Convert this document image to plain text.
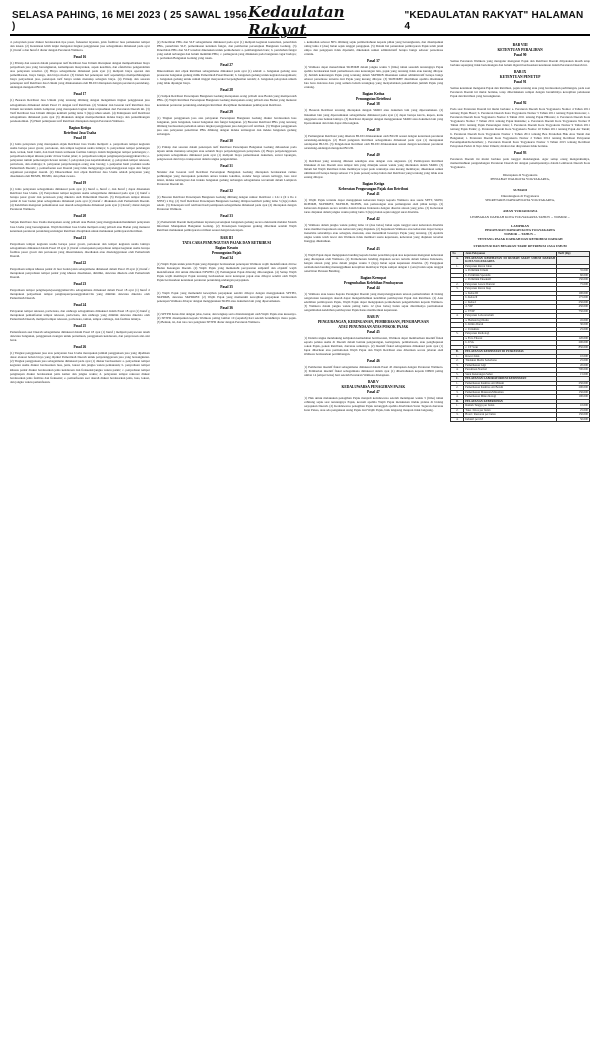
SELASA PAHING, 16 MEI 2023 ( 25 SAWAL 1956 )
Kedaulatan Rakyat
"KEDAULATAN RAKYAT" HALAMAN 4

d. pelayanan pasar diukur berdasarkan tipe pasar, frekuensi layanan, jenis fasilitas/ luas pemakaian tempat dan lokasi. (2) Ketentuan lebih lanjut mengenai tingkat penggunaan jasa sebagaimana dimaksud pada ayat (1) huruf a dan huruf d diatur dengan Peraturan Walikota.

Pasal 16

(1) Prinsip dan sasaran dalam penetapan tarif Retribusi Jasa Umum ditetapkan dengan memperhatikan biaya penyediaan jasa yang bersangkutan, kemampuan masyarakat, aspek keadilan, dan efektivitas pengendalian atas pelayanan tersebut. (2) Biaya sebagaimana dimaksud pada ayat (1) meliputi biaya operasi dan pemeliharaan, biaya bunga, dan biaya modal. (3) Dalam hal penetapan tarif sepenuhnya memperhitungkan biaya penyediaan jasa, penetapan tarif hanya untuk menutup sebagian biaya. (4) Prinsip dan sasaran penetapan tarif Retribusi Jasa Umum yang dilaksanakan oleh BLUD ditetapkan dengan peraturan perundang-undangan mengenai BLUD.

Pasal 17

(1) Besaran Retribusi Jasa Umum yang terutang dihitung dengan mengalikan tingkat penggunaan jasa sebagaimana dimaksud dalam Pasal 15 dengan tarif Retribusi. (2) Struktur dan besaran tarif Retribusi Jasa Umum tercantum dalam Lampiran yang merupakan bagian tidak terpisahkan dari Peraturan Daerah ini. (3) Tarif Retribusi Jasa Umum ditinjau kembali paling lama 3 (tiga) tahun sekali. (4) Peninjauan tarif Retribusi sebagaimana dimaksud pada ayat (3) dilakukan dengan memperhatikan indeks harga dan perkembangan perekonomian. (5) Hasil peninjauan tarif Retribusi ditetapkan dengan Peraturan Walikota.

Bagian Ketiga
Retribusi Jasa Usaha
Pasal 18

(1) Jenis pelayanan yang merupakan objek Retribusi Jasa Usaha meliputi: a. penyediaan tempat kegiatan usaha berupa pasar grosir, pertokoan, dan tempat kegiatan usaha lainnya; b. penyediaan tempat pelelangan ikan, ternak, hasil bumi, dan hasil hutan termasuk fasilitas lainnya dalam lingkungan tempat pelelangan; c. penyediaan tempat khusus parkir di luar badan jalan; d. penyediaan tempat penginapan/pesanggrahan/vila; e. pelayanan rumah pemotongan hewan ternak; f. pelayanan jasa kepelabuhanan; g. pelayanan tempat rekreasi, pariwisata, dan olahraga; h. pelayanan penyeberangan orang atau barang; i. penjualan hasil produksi usaha Pemerintah Daerah; j. pemanfaatan aset Daerah yang tidak mengganggu penyelenggaraan tugas dan fungsi organisasi perangkat daerah. (2) Dikecualikan dari objek Retribusi Jasa Usaha adalah pelayanan yang disediakan oleh BUMN, BUMD, dan pihak swasta.

Pasal 19

(1) Jenis pelayanan sebagaimana dimaksud pada ayat (1) huruf a, huruf c, dan huruf j dapat dikenakan Retribusi Jasa Usaha. (2) Penyediaan tempat kegiatan usaha sebagaimana dimaksud pada ayat (1) huruf a berupa pasar grosir dan pertokoan yang dikelola oleh Pemerintah Daerah. (3) Penyediaan tempat khusus parkir di luar badan jalan sebagaimana dimaksud pada ayat (1) huruf c dilakukan oleh Pemerintah Daerah. (4) Kelebihan mengenai pemanfaatan aset daerah sebagaimana dimaksud pada ayat (1) huruf j diatur dengan Peraturan Walikota.

Pasal 20

Subjek Retribusi Jasa Usaha merupakan orang pribadi atau Badan yang menggunakan/menikmati pelayanan Jasa Usaha yang bersangkutan. Wajib Retribusi Jasa Usaha meliputi orang pribadi atau Badan yang menurut ketentuan peraturan perundang-undangan Retribusi diwajibkan untuk melakukan pembayaran Retribusi.

Pasal 21

Penyediaan tempat kegiatan usaha berupa pasar grosir, pertokoan dan tempat kegiatan usaha lainnya sebagaimana dimaksud dalam Pasal 18 ayat (1) huruf a merupakan penyediaan tempat kegiatan usaha berupa fasilitas pasar grosir dan pertokoan yang dikontrakkan, disediakan atau diselenggarakan oleh Pemerintah Daerah.

Pasal 22

Penyediaan tempat khusus parkir di luar badan jalan sebagaimana dimaksud dalam Pasal 18 ayat (1) huruf c merupakan penyediaan tempat parkir yang khusus disediakan, dimiliki, dan/atau dikelola oleh Pemerintah Daerah.

Pasal 23

Penyediaan tempat penginapan/pesanggrahan/vila sebagaimana dimaksud dalam Pasal 18 ayat (1) huruf d merupakan penyediaan tempat penginapan/pesanggrahan/vila yang dimiliki dan/atau dikelola oleh Pemerintah Daerah.

Pasal 24

Pelayanan tempat rekreasi, pariwisata, dan olahraga sebagaimana dimaksud dalam Pasal 18 ayat (1) huruf g merupakan pemanfaatan tempat rekreasi, pariwisata, dan olahraga yang dimiliki dan/atau dikelola oleh Pemerintah Daerah, meliputi tempat rekreasi, pariwisata, taman, tempat olahraga, dan fasilitas lainnya.

Pasal 25

Pemanfaatan aset Daerah sebagaimana dimaksud dalam Pasal 18 ayat (1) huruf j meliputi penyewaan tanah dan/atau bangunan, penggunaan ruangan untuk pertemuan, penggunaan kendaraan, dan penyewaan alat-alat berat.

Pasal 26

(1) Tingkat penggunaan jasa atas pelayanan Jasa Usaha merupakan jumlah penggunaan jasa yang dijadikan dasar alokasi beban biaya yang dipikul Pemerintah Daerah untuk penyelenggaraan jasa yang bersangkutan. (2) Tingkat penggunaan jasa sebagaimana dimaksud pada ayat (1) diukur berdasarkan: a. penyediaan tempat kegiatan usaha diukur berdasarkan luas, jenis, lokasi dan jangka waktu pemakaian; b. penyediaan tempat khusus parkir diukur berdasarkan jenis kendaraan dan frekuensi/jangka waktu parkir; c. penyediaan tempat penginapan diukur berdasarkan jenis kamar dan jangka waktu; d. pelayanan tempat rekreasi diukur berdasarkan jenis fasilitas dan frekuensi; e. pemanfaatan aset daerah diukur berdasarkan jenis, luas, lokasi, dan jangka waktu pemanfaatan.

(2) Penerbitan PBG dan SLF sebagaimana dimaksud pada ayat (1) meliputi kegiatan konsultasi, penerbitan PBG, penerbitan SLF, pemeriksaan kelaikan fungsi, dan pemberian persetujuan Bangunan Gedung. (3) Penerbitan PBG dan SLF tersebut dikenakan untuk permohonan: a. pembangunan baru; b. perubahan fungsi yang sudah terbangun dan belum memiliki PBG; c. pemugaran yang dilakukan pada bangunan cagar budaya; d. perbaikan Bangunan Gedung yang rusak.

Pasal 27

Dikecualikan dari objek Retribusi sebagaimana dimaksud pada ayat (1) adalah: a. bangunan gedung atau prasarana bangunan gedung milik Pemerintah Pusat/Daerah; b. bangunan gedung untuk kegiatan keagamaan; c. bangunan gedung untuk rumah tinggal masyarakat berpenghasilan rendah; d. bangunan pelayanan umum yang tidak dipungut biaya.

Pasal 28

(1) Subjek Retribusi Persetujuan Bangunan Gedung merupakan orang pribadi atau Badan yang memperoleh PBG. (2) Wajib Retribusi Persetujuan Bangunan Gedung merupakan orang pribadi atau Badan yang menurut ketentuan peraturan perundang-undangan Retribusi diwajibkan melakukan pembayaran Retribusi.

Pasal 29

(1) Tingkat penggunaan jasa atas pelayanan Persetujuan Bangunan Gedung diukur berdasarkan luas bangunan, jenis bangunan, lokasi bangunan dan fungsi bangunan. (2) Besaran Retribusi PBG yang terutang dihitung berdasarkan perkalian antara tingkat penggunaan jasa dengan tarif retribusi. (3) Tingkat penggunaan jasa atas pelayanan penerbitan PBG dihitung dengan indeks terintegrasi dan indeks bangunan gedung terbangun.

Pasal 30

(1) Prinsip dan sasaran dalam penetapan tarif Retribusi Persetujuan Bangunan Gedung didasarkan pada tujuan untuk menutup sebagian atau seluruh biaya penyelenggaraan pelayanan. (2) Biaya penyelenggaraan pelayanan sebagaimana dimaksud pada ayat (1) meliputi biaya pemeriksaan dokumen, survei lapangan, pengawasan dan biaya transportasi dalam rangka pengendalian.

Pasal 31

Struktur dan besaran tarif Retribusi Persetujuan Bangunan Gedung ditetapkan berdasarkan rumus perhitungan yang merupakan perkalian antara indeks lokalitas, standar harga satuan tertinggi, luas total lantai, indeks terintegrasi dan indeks bangunan gedung terbangun sebagaimana tercantum dalam Lampiran Peraturan Daerah ini.

Pasal 32

(1) Besaran Retribusi Persetujuan Bangunan Gedung dihitung dengan rumus: Retribusi = LLt x (It x Ilo x SHST) x Ibg. (2) Tarif Retribusi Persetujuan Bangunan Gedung ditinjau kembali paling lama 3 (tiga) tahun sekali. (3) Penetapan tarif retribusi hasil peninjauan sebagaimana dimaksud pada ayat (2) ditetapkan dengan Peraturan Walikota.

Pasal 33

(1) Pemerintah Daerah menyediakan layanan persetujuan bangunan gedung secara elektronik melalui Sistem Informasi Manajemen Bangunan Gedung. (2) Persetujuan bangunan gedung diberikan setelah Wajib Retribusi melakukan pembayaran retribusi sesuai dengan ketetapan.

BAB III
TATA CARA PEMUNGUTAN PAJAK DAN RETRIBUSI
Bagian Kesatu
Pemungutan Pajak
Pasal 34

(1) Wajib Pajak untuk jenis Pajak yang dipungut berdasarkan penetapan Walikota wajib mendaftarkan diri ke Badan Keuangan Daerah. (2) Wajib Pajak yang memenuhi persyaratan subjektif dan objektif wajib mendaftarkan diri untuk diberikan NPWPD. (3) Pemungutan Pajak dilarang diborongkan. (4) Setiap Wajib Pajak wajib membayar Pajak terutang berdasarkan surat ketetapan pajak atau dibayar sendiri oleh Wajib Pajak berdasarkan ketentuan peraturan perundang-undangan perpajakan.

Pasal 35

(1) Wajib Pajak yang memenuhi kewajiban perpajakan sendiri dibayar dengan menggunakan SPTPD, SKPDKB, dan/atau SKPDKBT. (2) Wajib Pajak yang memenuhi kewajiban perpajakan berdasarkan penetapan Walikota dibayar dengan menggunakan SKPD atau dokumen lain yang dipersamakan.

Pasal 36

(1) SPTPD harus diisi dengan jelas, benar, dan lengkap serta ditandatangani oleh Wajib Pajak atau kuasanya. (2) SPTPD disampaikan kepada Walikota paling lambat 10 (sepuluh) hari setelah berakhirnya masa pajak. (3) Bentuk, isi, dan tata cara pengisian SPTPD diatur dengan Peraturan Walikota.

e. kemudian sebesar 80% dihitung sejak pemberitahuan kepada pihak yang bersangkutan, dan disampaikan paling lama 2 (dua) bulan sejak tanggal pengajuan. (5) Dalam hal penundaan pembayaran Pajak telah jatuh tempo dan pengajuan tidak dipenuhi, dikenakan sanksi administratif berupa bunga sebesar persentase tertentu.

Pasal 37

(1) Walikota dapat menerbitkan SKPDKB dalam jangka waktu 5 (lima) tahun sesudah terutangnya Pajak apabila berdasarkan hasil pemeriksaan atau keterangan lain, pajak yang terutang tidak atau kurang dibayar. (2) Jumlah kekurangan Pajak yang terutang dalam SKPDKB dikenakan sanksi administratif berupa bunga sebesar persentase tertentu dari Pajak yang kurang dibayar. (3) SKPDKBT diterbitkan apabila ditemukan data baru dan/atau data yang semula belum terungkap yang menyebabkan penambahan jumlah Pajak yang terutang.

Bagian Kedua
Pemungutan Retribusi
Pasal 38

(1) Besaran Retribusi terutang ditetapkan dengan SKRD atau dokumen lain yang dipersamakan. (2) Dokumen lain yang dipersamakan sebagaimana dimaksud pada ayat (1) dapat berupa karcis, kupon, kartu langganan atau bentuk lainnya. (3) Retribusi dipungut dengan menggunakan SKRD atau dokumen lain yang dipersamakan dan tidak dapat diborongkan.

Pasal 39

(1) Pemungutan Retribusi yang dikelola BLUD dilaksanakan oleh BLUD sesuai dengan ketentuan peraturan perundang-undangan. (2) Hasil pungutan Retribusi sebagaimana dimaksud pada ayat (1) merupakan pendapatan BLUD. (3) Pengelolaan Retribusi oleh BLUD dilaksanakan sesuai dengan ketentuan peraturan perundang-undangan mengenai BLUD.

Pasal 40

(1) Retribusi yang terutang dilunasi sekaligus atau dengan cara angsuran. (2) Pembayaran Retribusi dilakukan di kas Daerah atau tempat lain yang ditunjuk sesuai waktu yang ditentukan dalam SKRD. (3) Dalam hal Wajib Retribusi tidak membayar tepat pada waktunya atau kurang membayar, dikenakan sanksi administratif berupa bunga sebesar 1% (satu persen) setiap bulan dari Retribusi yang terutang yang tidak atau kurang dibayar.

Bagian Ketiga
Keberatan Pengurangan Pajak dan Retribusi
Pasal 41

(1) Wajib Pajak tertentu dapat mengajukan keberatan hanya kepada Walikota atas suatu SPPT, SKPD, SKPDKB, SKPDKBT, SKPDLB, SKPDN, dan pemotongan atau pemungutan oleh pihak ketiga. (2) Keberatan diajukan secara tertulis dalam bahasa Indonesia dengan disertai alasan yang jelas. (3) Keberatan harus diajukan dalam jangka waktu paling lama 3 (tiga) bulan sejak tanggal surat diterima.

Pasal 42

(1) Walikota dalam jangka waktu paling lama 12 (dua belas) bulan sejak tanggal surat keberatan diterima harus memberi keputusan atas keberatan yang diajukan. (2) Keputusan Walikota atas keberatan dapat berupa menerima seluruhnya atau sebagian, menolak, atau menambah besarnya Pajak yang terutang. (3) Apabila jangka waktu telah lewat dan Walikota tidak memberi suatu keputusan, keberatan yang diajukan tersebut dianggap dikabulkan.

Pasal 43

(1) Wajib Pajak dapat mengajukan banding kepada badan peradilan pajak atas keputusan mengenai keberatan yang ditetapkan oleh Walikota. (2) Permohonan banding diajukan secara tertulis dalam bahasa Indonesia, dengan alasan yang jelas dalam jangka waktu 3 (tiga) bulan sejak keputusan diterima. (3) Pengajuan permohonan banding menangguhkan kewajiban membayar Pajak sampai dengan 1 (satu) bulan sejak tanggal penerbitan Putusan Banding.

Bagian Keempat
Pengembalian Kelebihan Pembayaran
Pasal 44

(1) Walikota atau kuasa Kepala Perangkat Daerah yang menyelenggarakan urusan pemerintahan di bidang pengelolaan keuangan daerah dapat mengembalikan kelebihan pembayaran Pajak dan Retribusi. (2) Atas kelebihan pembayaran Pajak, Wajib Pajak dapat mengajukan permohonan pengembalian kepada Walikota. (3) Walikota dalam jangka waktu paling lama 12 (dua belas) bulan sejak diterimanya permohonan pengembalian kelebihan pembayaran Pajak harus memberikan keputusan.

BAB IV
PENGURANGAN, KERINGANAN, PEMBEBASAN, PENGHAPUSAN
ATAU PENUNDAAN ATAS POKOK PAJAK
Pasal 45

(1) Dalam rangka mendukung kebijakan kemudahan berinvestasi, Walikota dapat memberikan insentif fiskal kepada pelaku usaha di Daerah dalam bentuk pengurangan, keringanan, pembebasan, atau penghapusan pokok Pajak, pokok Retribusi, dan/atau sanksinya. (2) Insentif fiskal sebagaimana dimaksud pada ayat (1) dapat diberikan atas permohonan Wajib Pajak dan Wajib Retribusi atau diberikan secara jabatan oleh Walikota berdasarkan pertimbangan.

Pasal 46

(1) Pemberian insentif fiskal sebagaimana dimaksud dalam Pasal 45 ditetapkan dengan Peraturan Walikota. (2) Pemberian insentif fiskal sebagaimana dimaksud dalam ayat (1) diberitahukan kepada DPRD paling lambat 14 (empat belas) hari setelah Peraturan Walikota ditetapkan.

BAB V
KEDALUWARSA PENAGIHAN PAJAK
Pasal 47

(1) Hak untuk melakukan penagihan Pajak menjadi kedaluwarsa setelah melampaui waktu 5 (lima) tahun terhitung sejak saat terutangnya Pajak, kecuali apabila Wajib Pajak melakukan tindak pidana di bidang perpajakan Daerah. (2) Kedaluwarsa penagihan Pajak tertangguh apabila diterbitkan Surat Teguran dan/atau Surat Paksa, atau ada pengakuan utang Pajak dari Wajib Pajak, baik langsung maupun tidak langsung.

BAB VIII
KETENTUAN PERALIHAN
Pasal 90

Semua Peraturan Walikota yang mengatur mengenai Pajak dan Retribusi Daerah dinyatakan masih tetap berlaku sepanjang tidak bertentangan dan belum diganti berdasarkan ketentuan dalam Peraturan Daerah ini.

BAB IX
KETENTUAN PENUTUP
Pasal 91

Semua ketentuan mengenai Pajak dan Retribusi, pajak terutang atau yang berdasarkan perhitungan, pada saat Peraturan Daerah ini mulai berlaku, tetap diberlakukan sampai dengan berakhirnya kewajiban pelunasan Pajak dan Retribusi yang bersangkutan.

Pasal 92

Pada saat Peraturan Daerah ini mulai berlaku: a. Peraturan Daerah Kota Yogyakarta Nomor 4 Tahun 2011 tentang Pajak Hotel; b. Peraturan Daerah Kota Yogyakarta Nomor 5 Tahun 2011 tentang Pajak Restoran; c. Peraturan Daerah Kota Yogyakarta Nomor 6 Tahun 2011 tentang Pajak Hiburan; d. Peraturan Daerah Kota Yogyakarta Nomor 7 Tahun 2011 tentang Pajak Reklame; e. Peraturan Daerah Kota Yogyakarta Nomor 8 Tahun 2011 tentang Pajak Penerangan Jalan; f. Peraturan Daerah Kota Yogyakarta Nomor 9 Tahun 2011 tentang Pajak Parkir; g. Peraturan Daerah Kota Yogyakarta Nomor 10 Tahun 2011 tentang Pajak Air Tanah; h. Peraturan Daerah Kota Yogyakarta Nomor 1 Tahun 2011 tentang Bea Perolehan Hak Atas Tanah dan Bangunan; i. Peraturan Daerah Kota Yogyakarta Nomor 2 Tahun 2012 tentang Retribusi Pelayanan Persampahan/Kebersihan; j. Peraturan Daerah Kota Yogyakarta Nomor 3 Tahun 2015 tentang Retribusi Pelayanan Parkir di Tepi Jalan Umum; dicabut dan dinyatakan tidak berlaku.

Pasal 93

Peraturan Daerah ini mulai berlaku pada tanggal diundangkan. Agar setiap orang mengetahuinya, memerintahkan pengundangan Peraturan Daerah ini dengan penempatannya dalam Lembaran Daerah Kota Yogyakarta.

Ditetapkan di Yogyakarta
PENJABAT WALIKOTA YOGYAKARTA,
SUMADI
Diundangkan di Yogyakarta
SEKRETARIS DAERAH KOTA YOGYAKARTA,
AMAN YURIADIJAYA
LEMBARAN DAERAH KOTA YOGYAKARTA TAHUN ... NOMOR ...
LAMPIRAN
PERATURAN DAERAH KOTA YOGYAKARTA
NOMOR ... TAHUN ...
TENTANG PAJAK DAERAH DAN RETRIBUSI DAERAH
STRUKTUR DAN BESARAN TARIF RETRIBUSI JASA UMUM
No	Jenis Pelayanan	Tarif (Rp)
A.	PELAYANAN KESEHATAN DI RUMAH SAKIT UMUM DAERAH KOTA YOGYAKARTA	
1.	Pelayanan Rawat Jalan	
	a. Poliklinik Umum	35.000
	b. Poliklinik Spesialis	60.000
	c. Poliklinik Eksekutif	150.000
2.	Pelayanan Gawat Darurat	75.000
3.	Pelayanan Rawat Inap	
	a. Kelas III	100.000
	b. Kelas II	175.000
	c. Kelas I	250.000
	d. VIP	450.000
	e. VVIP	750.000
4.	Pelayanan Laboratorium	
	a. Hematologi Rutin	45.000
	b. Kimia Darah	30.000
	c. Urinalisis	25.000
5.	Pelayanan Radiologi	
	a. Foto Thorax	120.000
	b. USG	200.000
	c. CT Scan	850.000
B.	PELAYANAN KESEHATAN DI PUSKESMAS	
1.	Rawat Jalan	10.000
2.	Tindakan Medis Sederhana	25.000
3.	Pemeriksaan Gigi	20.000
4.	Persalinan Normal	700.000
5.	Surat Keterangan Sehat	15.000
C.	PELAYANAN LABORATORIUM KESEHATAN	
1.	Pemeriksaan Kualitas Air Minum	250.000
2.	Pemeriksaan Kualitas Air Bersih	200.000
3.	Pemeriksaan Makanan/Minuman	150.000
4.	Pemeriksaan Mikrobiologi	100.000
D.	PELAYANAN KEBERSIHAN	
1.	Rumah Tangga per bulan	10.000
2.	Toko / Kios per bulan	25.000
3.	Hotel / Restoran per bulan	150.000
4.	Industri per m3	50.000
